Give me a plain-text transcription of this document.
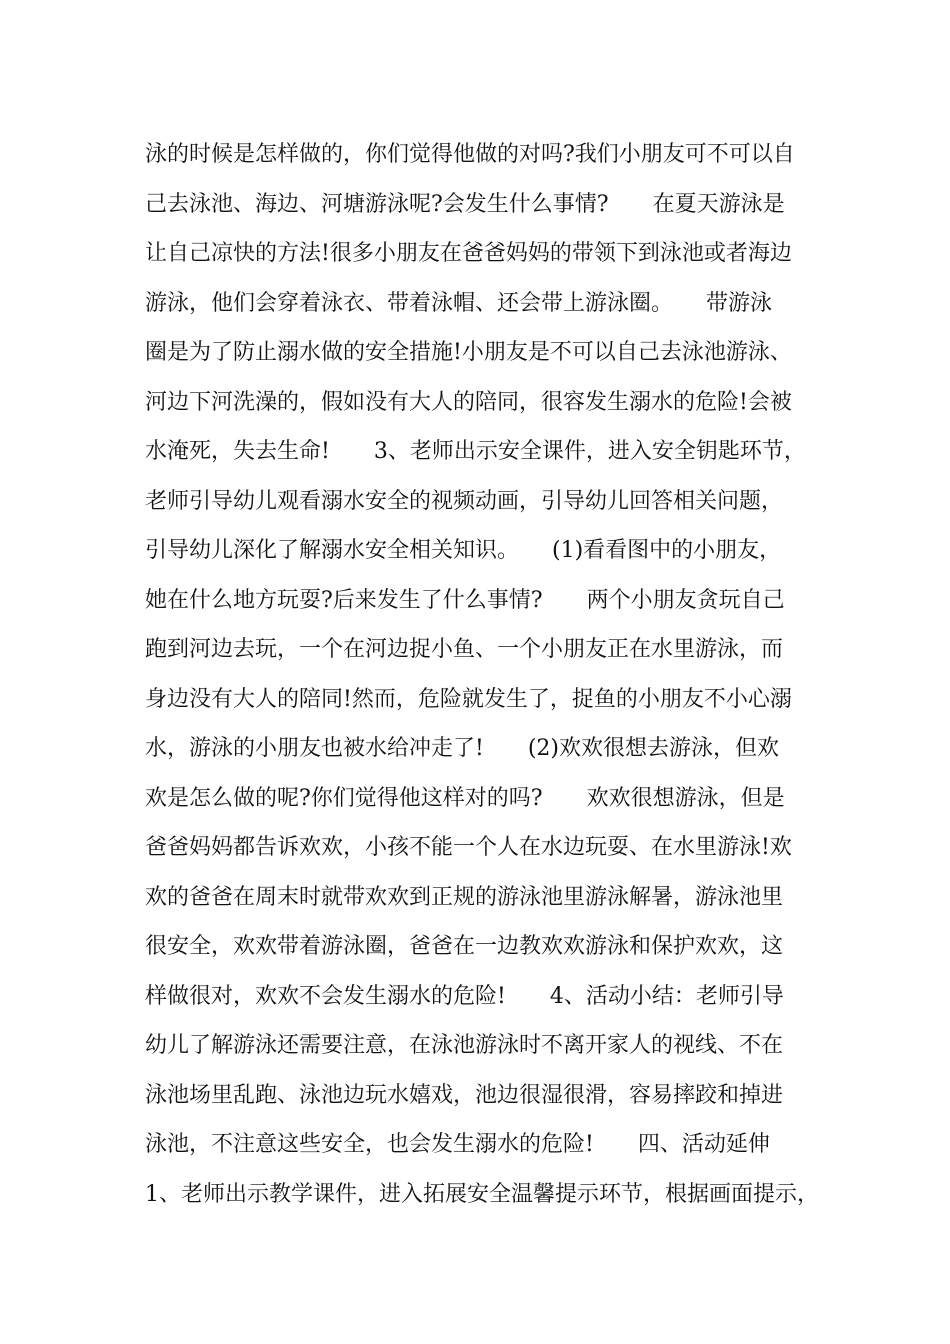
泳的时候是怎样做的，你们觉得他做的对吗?我们小朋友可不可以自
己去泳池、海边、河塘游泳呢?会发生什么事情?　　在夏天游泳是
让自己凉快的方法!很多小朋友在爸爸妈妈的带领下到泳池或者海边
游泳，他们会穿着泳衣、带着泳帽、还会带上游泳圈。　　带游泳
圈是为了防止溺水做的安全措施!小朋友是不可以自己去泳池游泳、
河边下河洗澡的，假如没有大人的陪同，很容发生溺水的危险!会被
水淹死，失去生命!　　3、老师出示安全课件，进入安全钥匙环节，
老师引导幼儿观看溺水安全的视频动画，引导幼儿回答相关问题，
引导幼儿深化了解溺水安全相关知识。　　(1)看看图中的小朋友，
她在什么地方玩耍?后来发生了什么事情?　　两个小朋友贪玩自己
跑到河边去玩，一个在河边捉小鱼、一个小朋友正在水里游泳，而
身边没有大人的陪同!然而，危险就发生了，捉鱼的小朋友不小心溺
水，游泳的小朋友也被水给冲走了!　　(2)欢欢很想去游泳，但欢
欢是怎么做的呢?你们觉得他这样对的吗?　　欢欢很想游泳，但是
爸爸妈妈都告诉欢欢，小孩不能一个人在水边玩耍、在水里游泳!欢
欢的爸爸在周末时就带欢欢到正规的游泳池里游泳解暑，游泳池里
很安全，欢欢带着游泳圈，爸爸在一边教欢欢游泳和保护欢欢，这
样做很对，欢欢不会发生溺水的危险!　　4、活动小结：老师引导
幼儿了解游泳还需要注意，在泳池游泳时不离开家人的视线、不在
泳池场里乱跑、泳池边玩水嬉戏，池边很湿很滑，容易摔跤和掉进
泳池，不注意这些安全，也会发生溺水的危险!　　四、活动延伸
1、老师出示教学课件，进入拓展安全温馨提示环节，根据画面提示，
